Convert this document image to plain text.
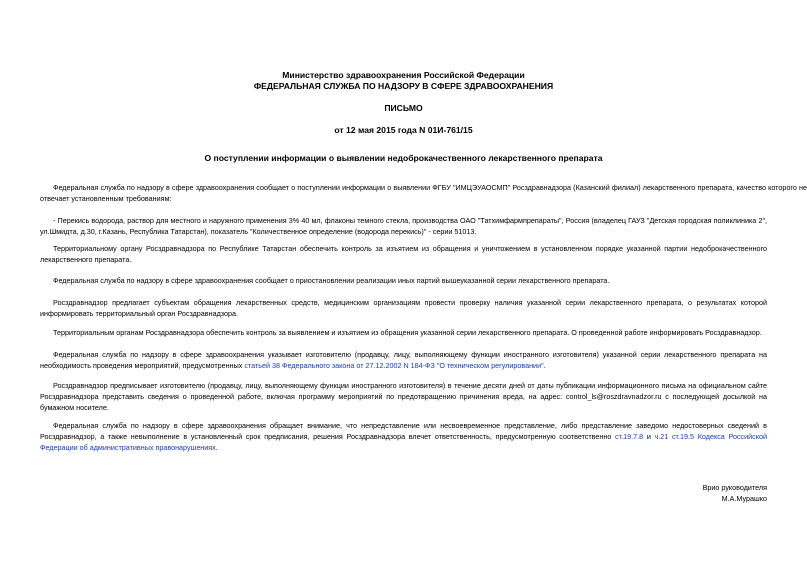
Министерство здравоохранения Российской Федерации
ФЕДЕРАЛЬНАЯ СЛУЖБА ПО НАДЗОРУ В СФЕРЕ ЗДРАВООХРАНЕНИЯ
ПИСЬМО
от 12 мая 2015 года N 01И-761/15
О поступлении информации о выявлении недоброкачественного лекарственного препарата
Федеральная служба по надзору в сфере здравоохранения сообщает о поступлении информации о выявлении ФГБУ "ИМЦЭУАОСМП" Росздравнадзора (Казанский филиал) лекарственного препарата, качество которого не отвечает установленным требованиям:
- Перекись водорода, раствор для местного и наружного применения 3% 40 мл, флаконы темного стекла, производства ОАО "Татхимфармпрепараты", Россия (владелец ГАУЗ "Детская городская поликлиника 2", ул.Шмидта, д.30, г.Казань, Республика Татарстан), показатель "Количественное определение (водорода перекись)" - серии 51013.
Территориальному органу Росздравнадзора по Республике Татарстан обеспечить контроль за изъятием из обращения и уничтожением в установленном порядке указанной партии недоброкачественного лекарственного препарата.
Федеральная служба по надзору в сфере здравоохранения сообщает о приостановлении реализации иных партий вышеуказанной серии лекарственного препарата.
Росздравнадзор предлагает субъектам обращения лекарственных средств, медицинским организациям провести проверку наличия указанной серии лекарственного препарата, о результатах которой информировать территориальный орган Росздравнадзора.
Территориальным органам Росздравнадзора обеспечить контроль за выявлением и изъятием из обращения указанной серии лекарственного препарата. О проведенной работе информировать Росздравнадзор.
Федеральная служба по надзору в сфере здравоохранения указывает изготовителю (продавцу, лицу, выполняющему функции иностранного изготовителя) указанной серии лекарственного препарата на необходимость проведения мероприятий, предусмотренных статьей 38 Федерального закона от 27.12.2002 N 184-ФЗ "О техническом регулировании".
Росздравнадзор предписывает изготовителю (продавцу, лицу, выполняющему функции иностранного изготовителя) в течение десяти дней от даты публикации информационного письма на официальном сайте Росздравнадзора представить сведения о проведенной работе, включая программу мероприятий по предотвращению причинения вреда, на адрес: control_ls@roszdravnadzor.ru с последующей досылкой на бумажном носителе.
Федеральная служба по надзору в сфере здравоохранения обращает внимание, что непредставление или несвоевременное представление, либо представление заведомо недостоверных сведений в Росздравнадзор, а также невыполнение в установленный срок предписания, решения Росздравнадзора влечет ответственность, предусмотренную соответственно ст.19.7.8 и ч.21 ст.19.5 Кодекса Российской Федерации об административных правонарушениях.
Врио руководителя
М.А.Мурашко
